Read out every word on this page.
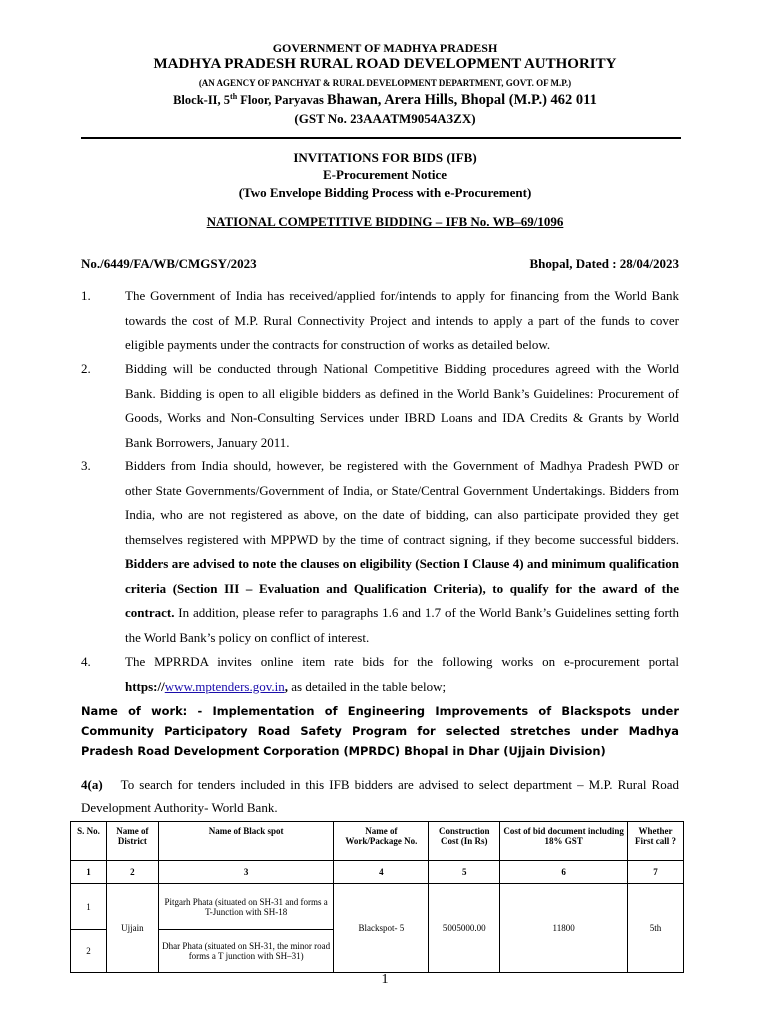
GOVERNMENT OF MADHYA PRADESH
MADHYA PRADESH RURAL ROAD DEVELOPMENT AUTHORITY
(AN AGENCY OF PANCHYAT & RURAL DEVELOPMENT DEPARTMENT, GOVT. OF M.P.)
Block-II, 5th Floor, Paryavas Bhawan, Arera Hills, Bhopal (M.P.) 462 011
(GST No. 23AAATM9054A3ZX)
INVITATIONS FOR BIDS (IFB)
E-Procurement Notice
(Two Envelope Bidding Process with e-Procurement)
NATIONAL COMPETITIVE BIDDING – IFB No. WB–69/1096
No./6449/FA/WB/CMGSY/2023	Bhopal, Dated : 28/04/2023
1.	The Government of India has received/applied for/intends to apply for financing from the World Bank towards the cost of M.P. Rural Connectivity Project and intends to apply a part of the funds to cover eligible payments under the contracts for construction of works as detailed below.
2.	Bidding will be conducted through National Competitive Bidding procedures agreed with the World Bank. Bidding is open to all eligible bidders as defined in the World Bank’s Guidelines: Procurement of Goods, Works and Non-Consulting Services under IBRD Loans and IDA Credits & Grants by World Bank Borrowers, January 2011.
3.	Bidders from India should, however, be registered with the Government of Madhya Pradesh PWD or other State Governments/Government of India, or State/Central Government Undertakings. Bidders from India, who are not registered as above, on the date of bidding, can also participate provided they get themselves registered with MPPWD by the time of contract signing, if they become successful bidders. Bidders are advised to note the clauses on eligibility (Section I Clause 4) and minimum qualification criteria (Section III – Evaluation and Qualification Criteria), to qualify for the award of the contract. In addition, please refer to paragraphs 1.6 and 1.7 of the World Bank’s Guidelines setting forth the World Bank’s policy on conflict of interest.
4.	The MPRRDA invites online item rate bids for the following works on e-procurement portal https://www.mptenders.gov.in, as detailed in the table below;
Name of work: - Implementation of Engineering Improvements of Blackspots under Community Participatory Road Safety Program for selected stretches under Madhya Pradesh Road Development Corporation (MPRDC) Bhopal in Dhar (Ujjain Division)
4(a) To search for tenders included in this IFB bidders are advised to select department – M.P. Rural Road Development Authority- World Bank.
S. No.	Name of District	Name of Black spot	Name of Work/Package No.	Construction Cost (In Rs)	Cost of bid document including 18% GST	Whether First call ?
1	2	3	4	5	6	7
1	Ujjain	Pitgarh Phata (situated on SH-31 and forms a T-Junction with SH-18	Blackspot- 5	5005000.00	11800	5th
2		Dhar Phata (situated on SH-31, the minor road forms a T junction with SH–31)				
1
